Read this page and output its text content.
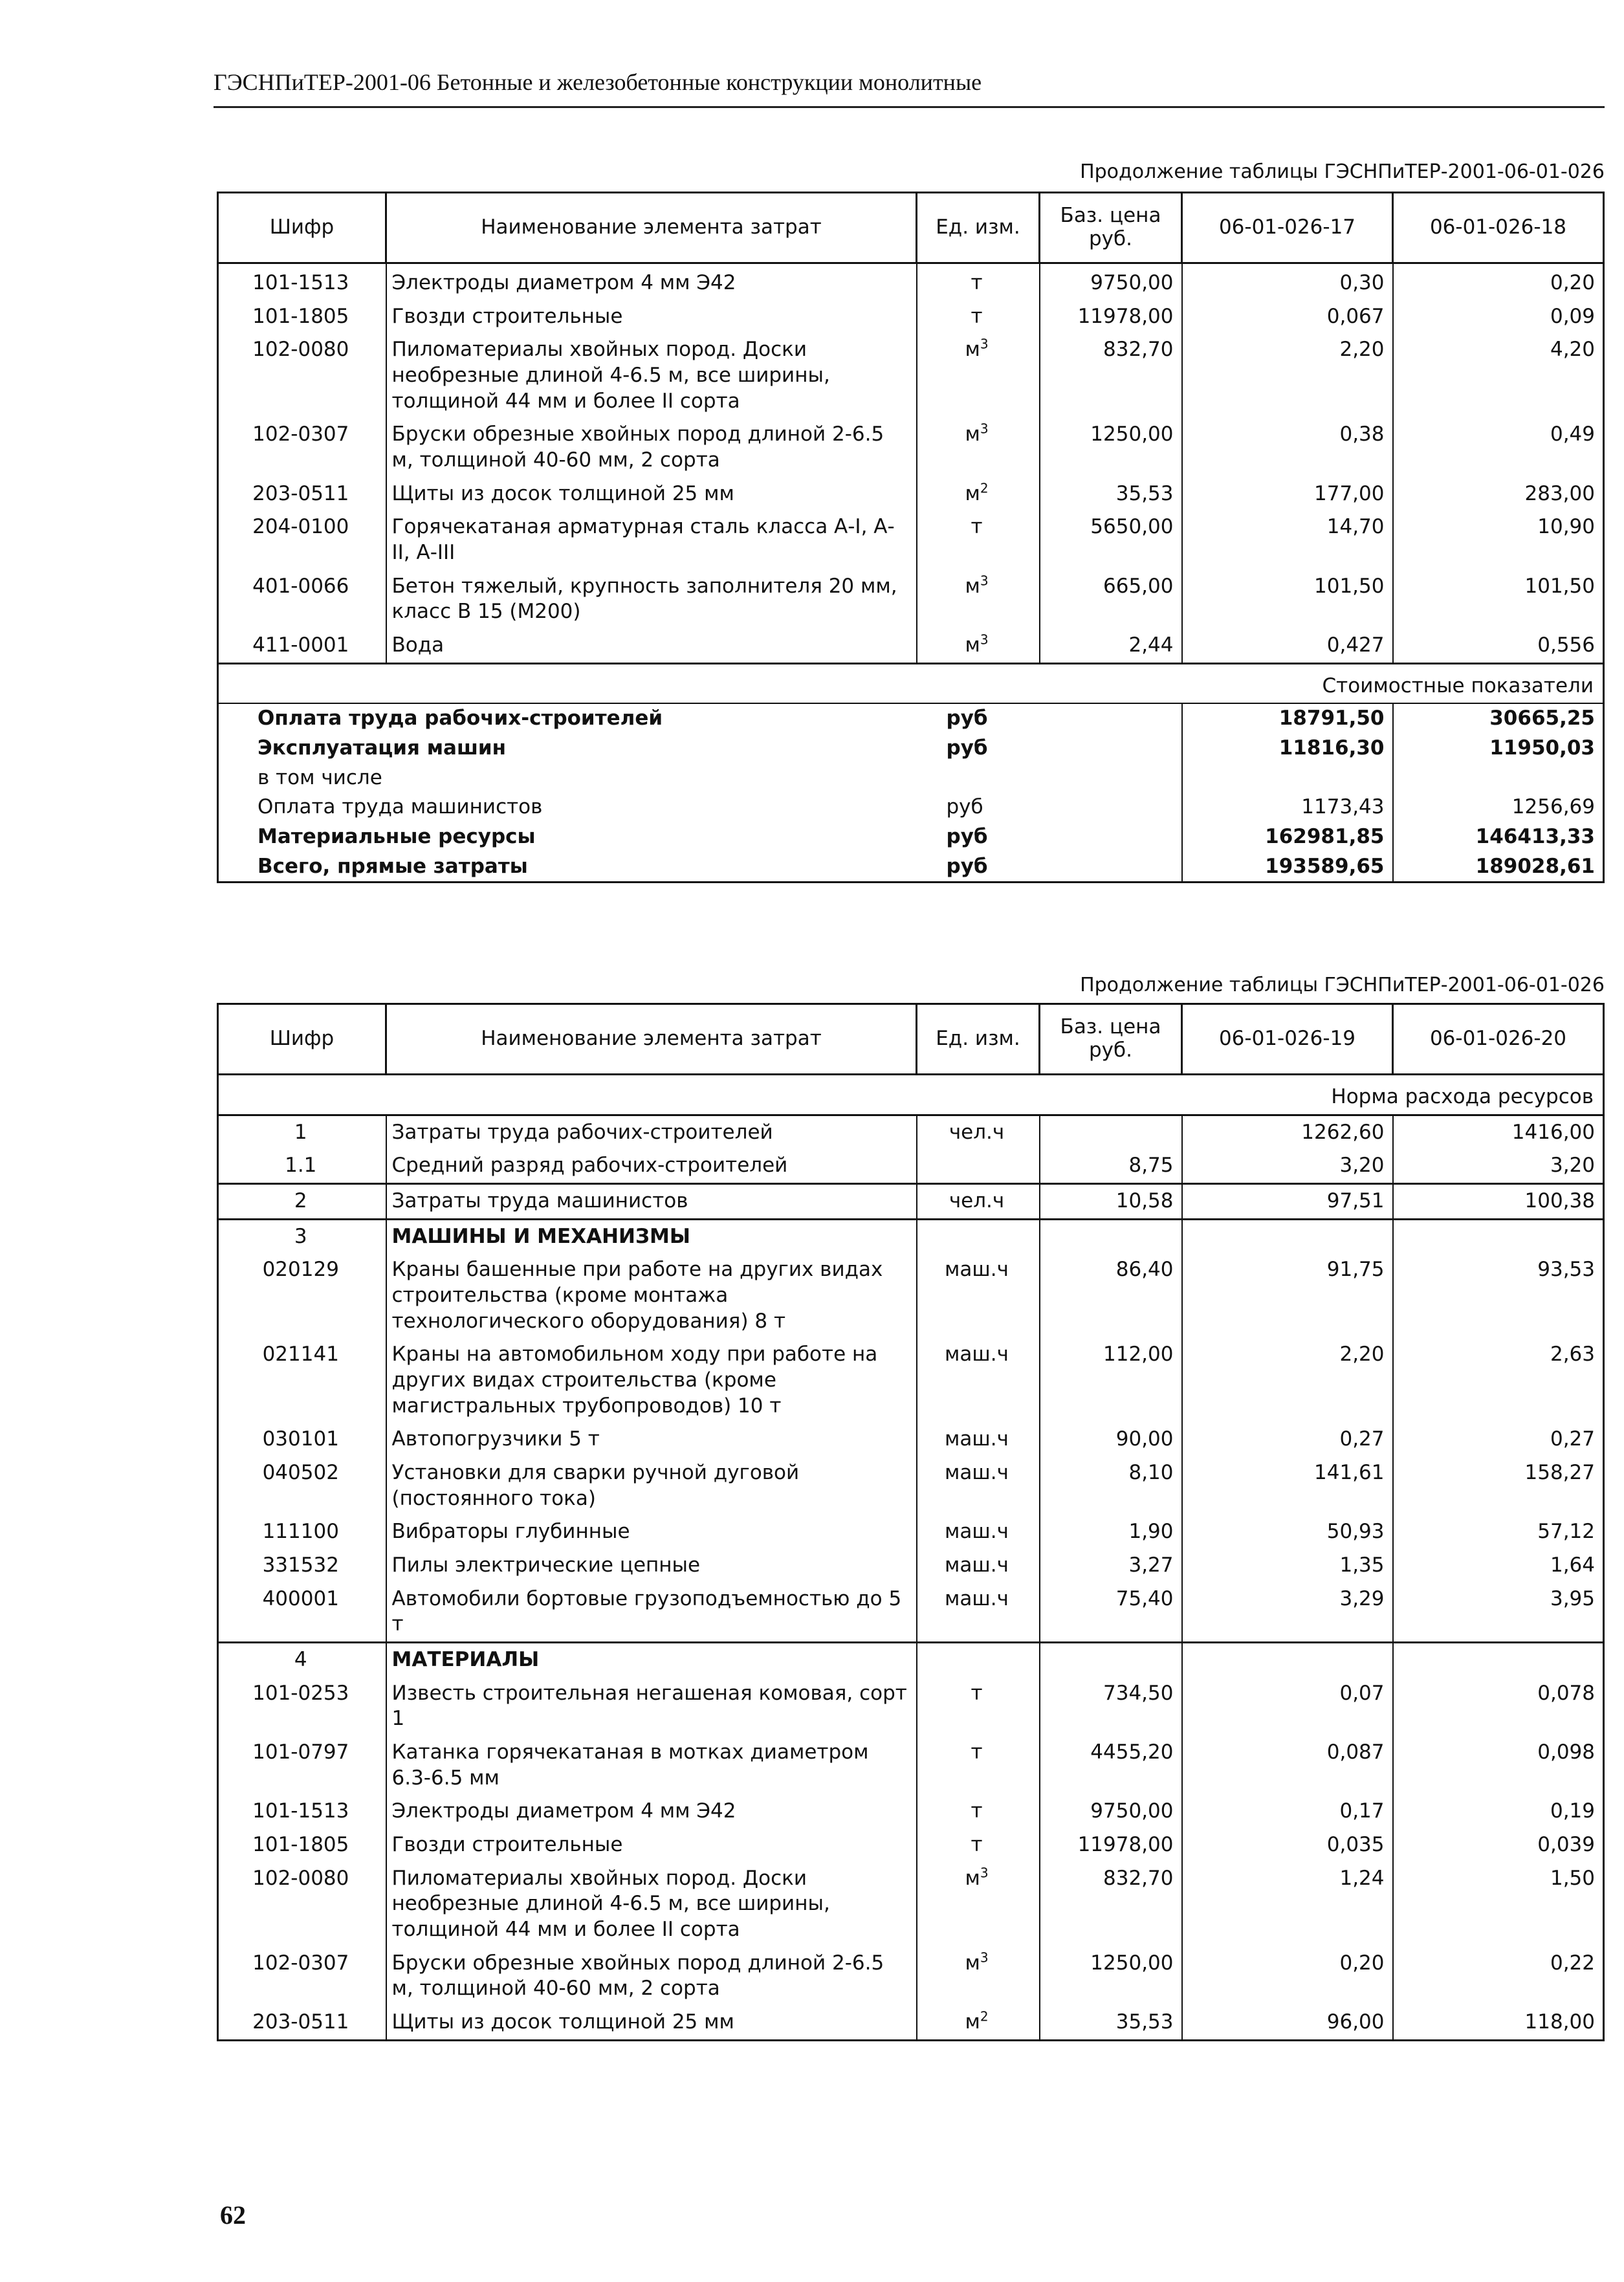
ГЭСНПиТЕР-2001-06 Бетонные и железобетонные конструкции монолитные
Продолжение таблицы ГЭСНПиТЕР-2001-06-01-026
Шифр	Наименование элемента затрат	Ед. изм.	Баз. цена руб.	06-01-026-17	06-01-026-18
101-1513	Электроды диаметром 4 мм Э42	т	9750,00	0,30	0,20
101-1805	Гвозди строительные	т	11978,00	0,067	0,09
102-0080	Пиломатериалы хвойных пород. Доски необрезные длиной 4-6.5 м, все ширины, толщиной 44 мм и более II сорта	$м^3$	832,70	2,20	4,20
102-0307	Бруски обрезные хвойных пород длиной 2-6.5 м, толщиной 40-60 мм, 2 сорта	$м^3$	1250,00	0,38	0,49
203-0511	Щиты из досок толщиной 25 мм	$м^2$	35,53	177,00	283,00
204-0100	Горячекатаная арматурная сталь класса А-I, А-II, А-III	т	5650,00	14,70	10,90
401-0066	Бетон тяжелый, крупность заполнителя 20 мм, класс В 15 (М200)	$м^3$	665,00	101,50	101,50
411-0001	Вода	$м^3$	2,44	0,427	0,556
Стоимостные показатели					
Оплата труда рабочих-строителей		руб		18791,50	30665,25
Эксплуатация машин		руб		11816,30	11950,03
в том числе					
Оплата труда машинистов		руб		1173,43	1256,69
Материальные ресурсы		руб		162981,85	146413,33
Всего, прямые затраты		руб		193589,65	189028,61
Продолжение таблицы ГЭСНПиТЕР-2001-06-01-026
Шифр	Наименование элемента затрат	Ед. изм.	Баз. цена руб.	06-01-026-19	06-01-026-20
Норма расхода ресурсов					
1	Затраты труда рабочих-строителей	чел.ч		1262,60	1416,00
1.1	Средний разряд рабочих-строителей		8,75	3,20	3,20
2	Затраты труда машинистов	чел.ч	10,58	97,51	100,38
3	МАШИНЫ И МЕХАНИЗМЫ				
020129	Краны башенные при работе на других видах строительства (кроме монтажа технологического оборудования) 8 т	маш.ч	86,40	91,75	93,53
021141	Краны на автомобильном ходу при работе на других видах строительства (кроме магистральных трубопроводов) 10 т	маш.ч	112,00	2,20	2,63
030101	Автопогрузчики 5 т	маш.ч	90,00	0,27	0,27
040502	Установки для сварки ручной дуговой (постоянного тока)	маш.ч	8,10	141,61	158,27
111100	Вибраторы глубинные	маш.ч	1,90	50,93	57,12
331532	Пилы электрические цепные	маш.ч	3,27	1,35	1,64
400001	Автомобили бортовые грузоподъемностью до 5 т	маш.ч	75,40	3,29	3,95
4	МАТЕРИАЛЫ				
101-0253	Известь строительная негашеная комовая, сорт 1	т	734,50	0,07	0,078
101-0797	Катанка горячекатаная в мотках диаметром 6.3-6.5 мм	т	4455,20	0,087	0,098
101-1513	Электроды диаметром 4 мм Э42	т	9750,00	0,17	0,19
101-1805	Гвозди строительные	т	11978,00	0,035	0,039
102-0080	Пиломатериалы хвойных пород. Доски необрезные длиной 4-6.5 м, все ширины, толщиной 44 мм и более II сорта	$м^3$	832,70	1,24	1,50
102-0307	Бруски обрезные хвойных пород длиной 2-6.5 м, толщиной 40-60 мм, 2 сорта	$м^3$	1250,00	0,20	0,22
203-0511	Щиты из досок толщиной 25 мм	$м^2$	35,53	96,00	118,00
62
